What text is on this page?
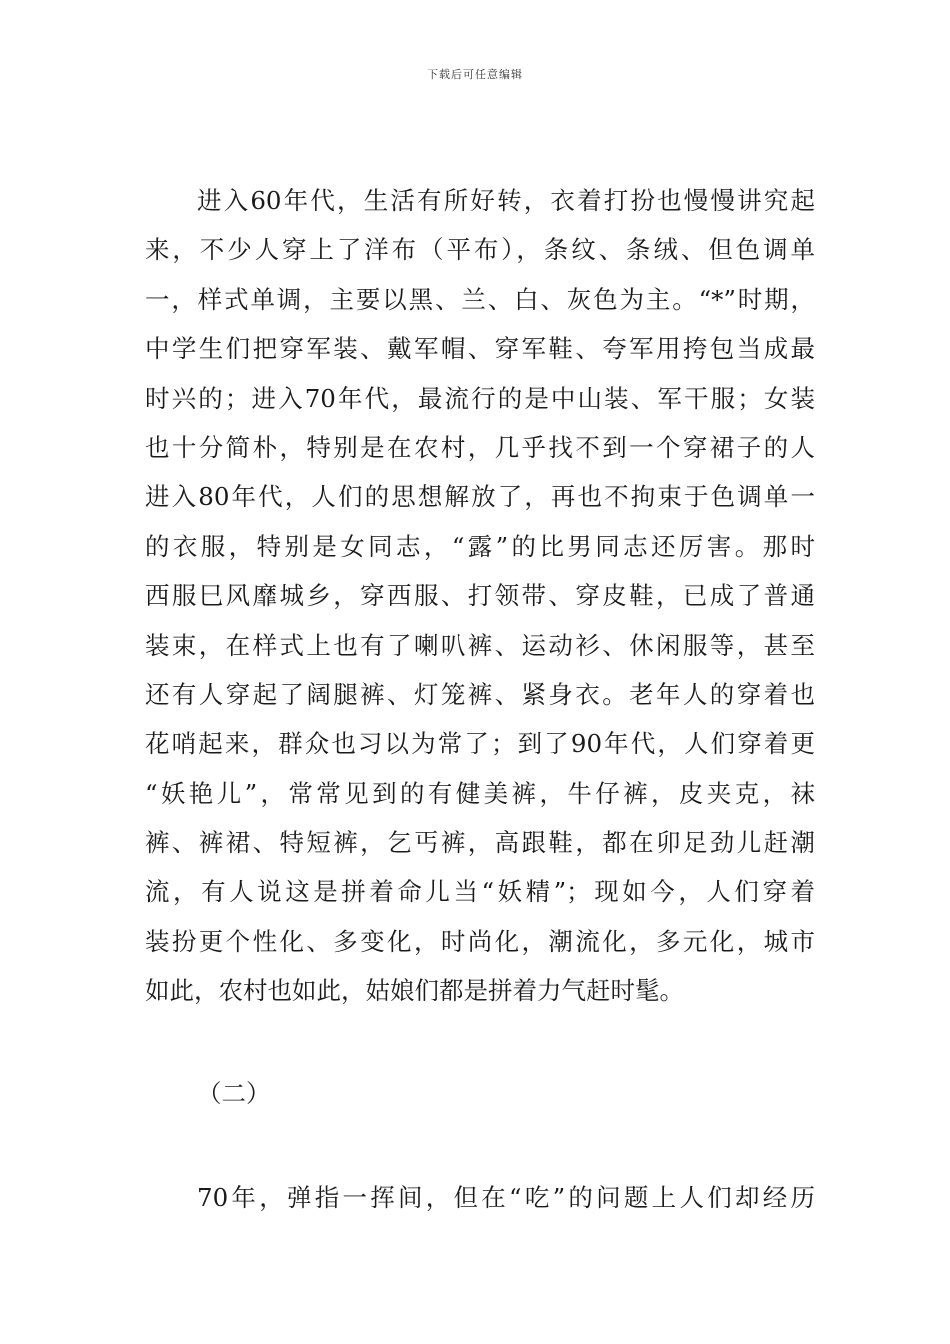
下载后可任意编辑
进入60年代，生活有所好转，衣着打扮也慢慢讲究起
来，不少人穿上了洋布（平布），条纹、条绒、但色调单
一，样式单调，主要以黑、兰、白、灰色为主。“*”时期，
中学生们把穿军装、戴军帽、穿军鞋、夸军用挎包当成最
时兴的；进入70年代，最流行的是中山装、军干服；女装
也十分简朴，特别是在农村，几乎找不到一个穿裙子的人
进入80年代，人们的思想解放了，再也不拘束于色调单一
的衣服，特别是女同志，“露”的比男同志还厉害。那时
西服巳风靡城乡，穿西服、打领带、穿皮鞋，已成了普通
装束，在样式上也有了喇叭裤、运动衫、休闲服等，甚至
还有人穿起了阔腿裤、灯笼裤、紧身衣。老年人的穿着也
花哨起来，群众也习以为常了；到了90年代，人们穿着更
“妖艳儿”，常常见到的有健美裤，牛仔裤，皮夹克，袜
裤、裤裙、特短裤，乞丐裤，高跟鞋，都在卯足劲儿赶潮
流，有人说这是拼着命儿当“妖精”；现如今，人们穿着
装扮更个性化、多变化，时尚化，潮流化，多元化，城市
如此，农村也如此，姑娘们都是拼着力气赶时髦。
（二）
70年，弹指一挥间，但在“吃”的问题上人们却经历
